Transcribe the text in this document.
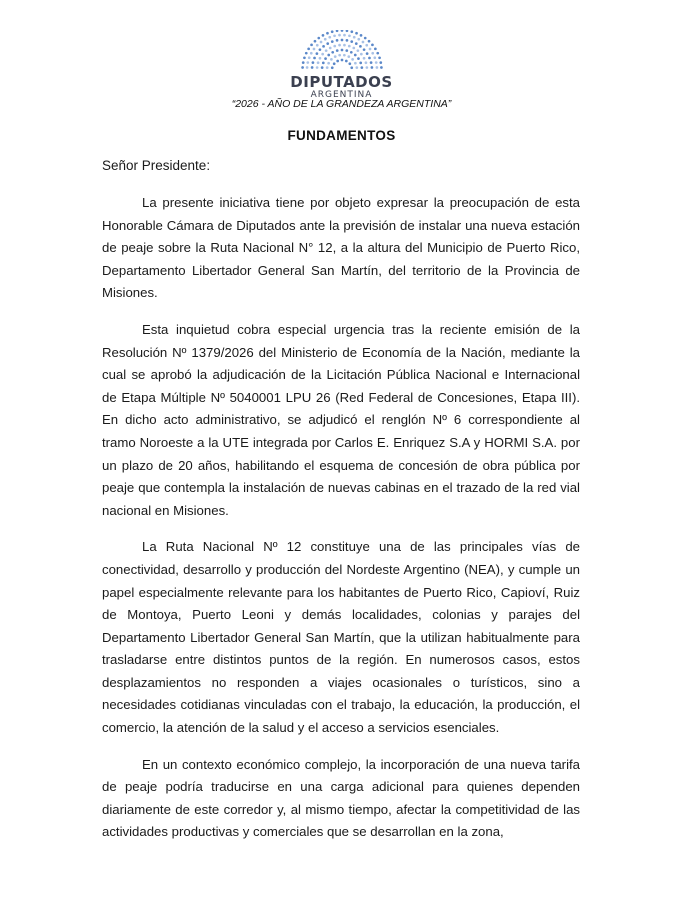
DIPUTADOS
ARGENTINA
“2026 - AÑO DE LA GRANDEZA ARGENTINA”
FUNDAMENTOS
Señor Presidente:

La presente iniciativa tiene por objeto expresar la preocupación de esta Honorable Cámara de Diputados ante la previsión de instalar una nueva estación de peaje sobre la Ruta Nacional N° 12, a la altura del Municipio de Puerto Rico, Departamento Libertador General San Martín, del territorio de la Provincia de Misiones.

Esta inquietud cobra especial urgencia tras la reciente emisión de la Resolución Nº 1379/2026 del Ministerio de Economía de la Nación, mediante la cual se aprobó la adjudicación de la Licitación Pública Nacional e Internacional de Etapa Múltiple Nº 5040001 LPU 26 (Red Federal de Concesiones, Etapa III). En dicho acto administrativo, se adjudicó el renglón Nº 6 correspondiente al tramo Noroeste a la UTE integrada por Carlos E. Enriquez S.A y HORMI S.A. por un plazo de 20 años, habilitando el esquema de concesión de obra pública por peaje que contempla la instalación de nuevas cabinas en el trazado de la red vial nacional en Misiones.

La Ruta Nacional Nº 12 constituye una de las principales vías de conectividad, desarrollo y producción del Nordeste Argentino (NEA), y cumple un papel especialmente relevante para los habitantes de Puerto Rico, Capioví, Ruiz de Montoya, Puerto Leoni y demás localidades, colonias y parajes del Departamento Libertador General San Martín, que la utilizan habitualmente para trasladarse entre distintos puntos de la región. En numerosos casos, estos desplazamientos no responden a viajes ocasionales o turísticos, sino a necesidades cotidianas vinculadas con el trabajo, la educación, la producción, el comercio, la atención de la salud y el acceso a servicios esenciales.

En un contexto económico complejo, la incorporación de una nueva tarifa de peaje podría traducirse en una carga adicional para quienes dependen diariamente de este corredor y, al mismo tiempo, afectar la competitividad de las actividades productivas y comerciales que se desarrollan en la zona,
